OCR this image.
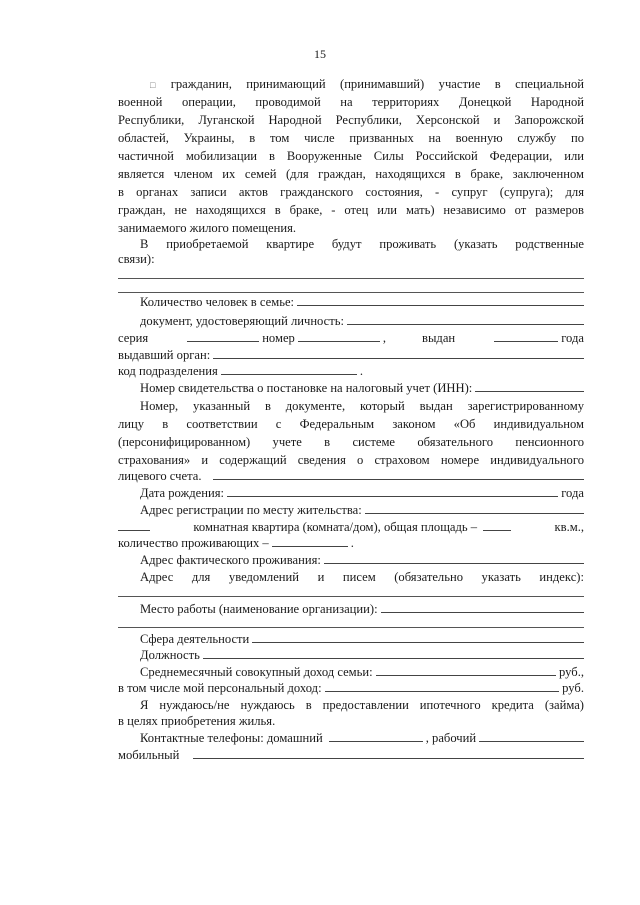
15
□ гражданин, принимающий (принимавший) участие в специальной
военной операции, проводимой на территориях Донецкой Народной
Республики, Луганской Народной Республики, Херсонской и Запорожской
областей, Украины, в том числе призванных на военную службу по
частичной мобилизации в Вооруженные Силы Российской Федерации, или
является членом их семей (для граждан, находящихся в браке, заключенном
в органах записи актов гражданского состояния, - супруг (супруга); для
граждан, не находящихся в браке, - отец или мать) независимо от размеров
занимаемого жилого помещения.
В приобретаемой квартире будут проживать (указать родственные
связи):
Количество человек в семье:
документ, удостоверяющий личность:
серия	номер	,	выдан	года
выдавший орган:
код подразделения	.
Номер свидетельства о постановке на налоговый учет (ИНН):
Номер, указанный в документе, который выдан зарегистрированному
лицу в соответствии с Федеральным законом «Об индивидуальном
(персонифицированном) учете в системе обязательного пенсионного
страхования» и содержащий сведения о страховом номере индивидуального
лицевого счета.
Дата рождения:	года
Адрес регистрации по месту жительства:
комнатная квартира (комната/дом), общая площадь –	кв.м.,
количество проживающих –	.
Адрес фактического проживания:
Адрес для уведомлений и писем (обязательно указать индекс):
Место работы (наименование организации):
Сфера деятельности
Должность
Среднемесячный совокупный доход семьи:	руб.,
в том числе мой персональный доход:	руб.
Я нуждаюсь/не нуждаюсь в предоставлении ипотечного кредита (займа)
в целях приобретения жилья.
Контактные телефоны: домашний	, рабочий
мобильный
